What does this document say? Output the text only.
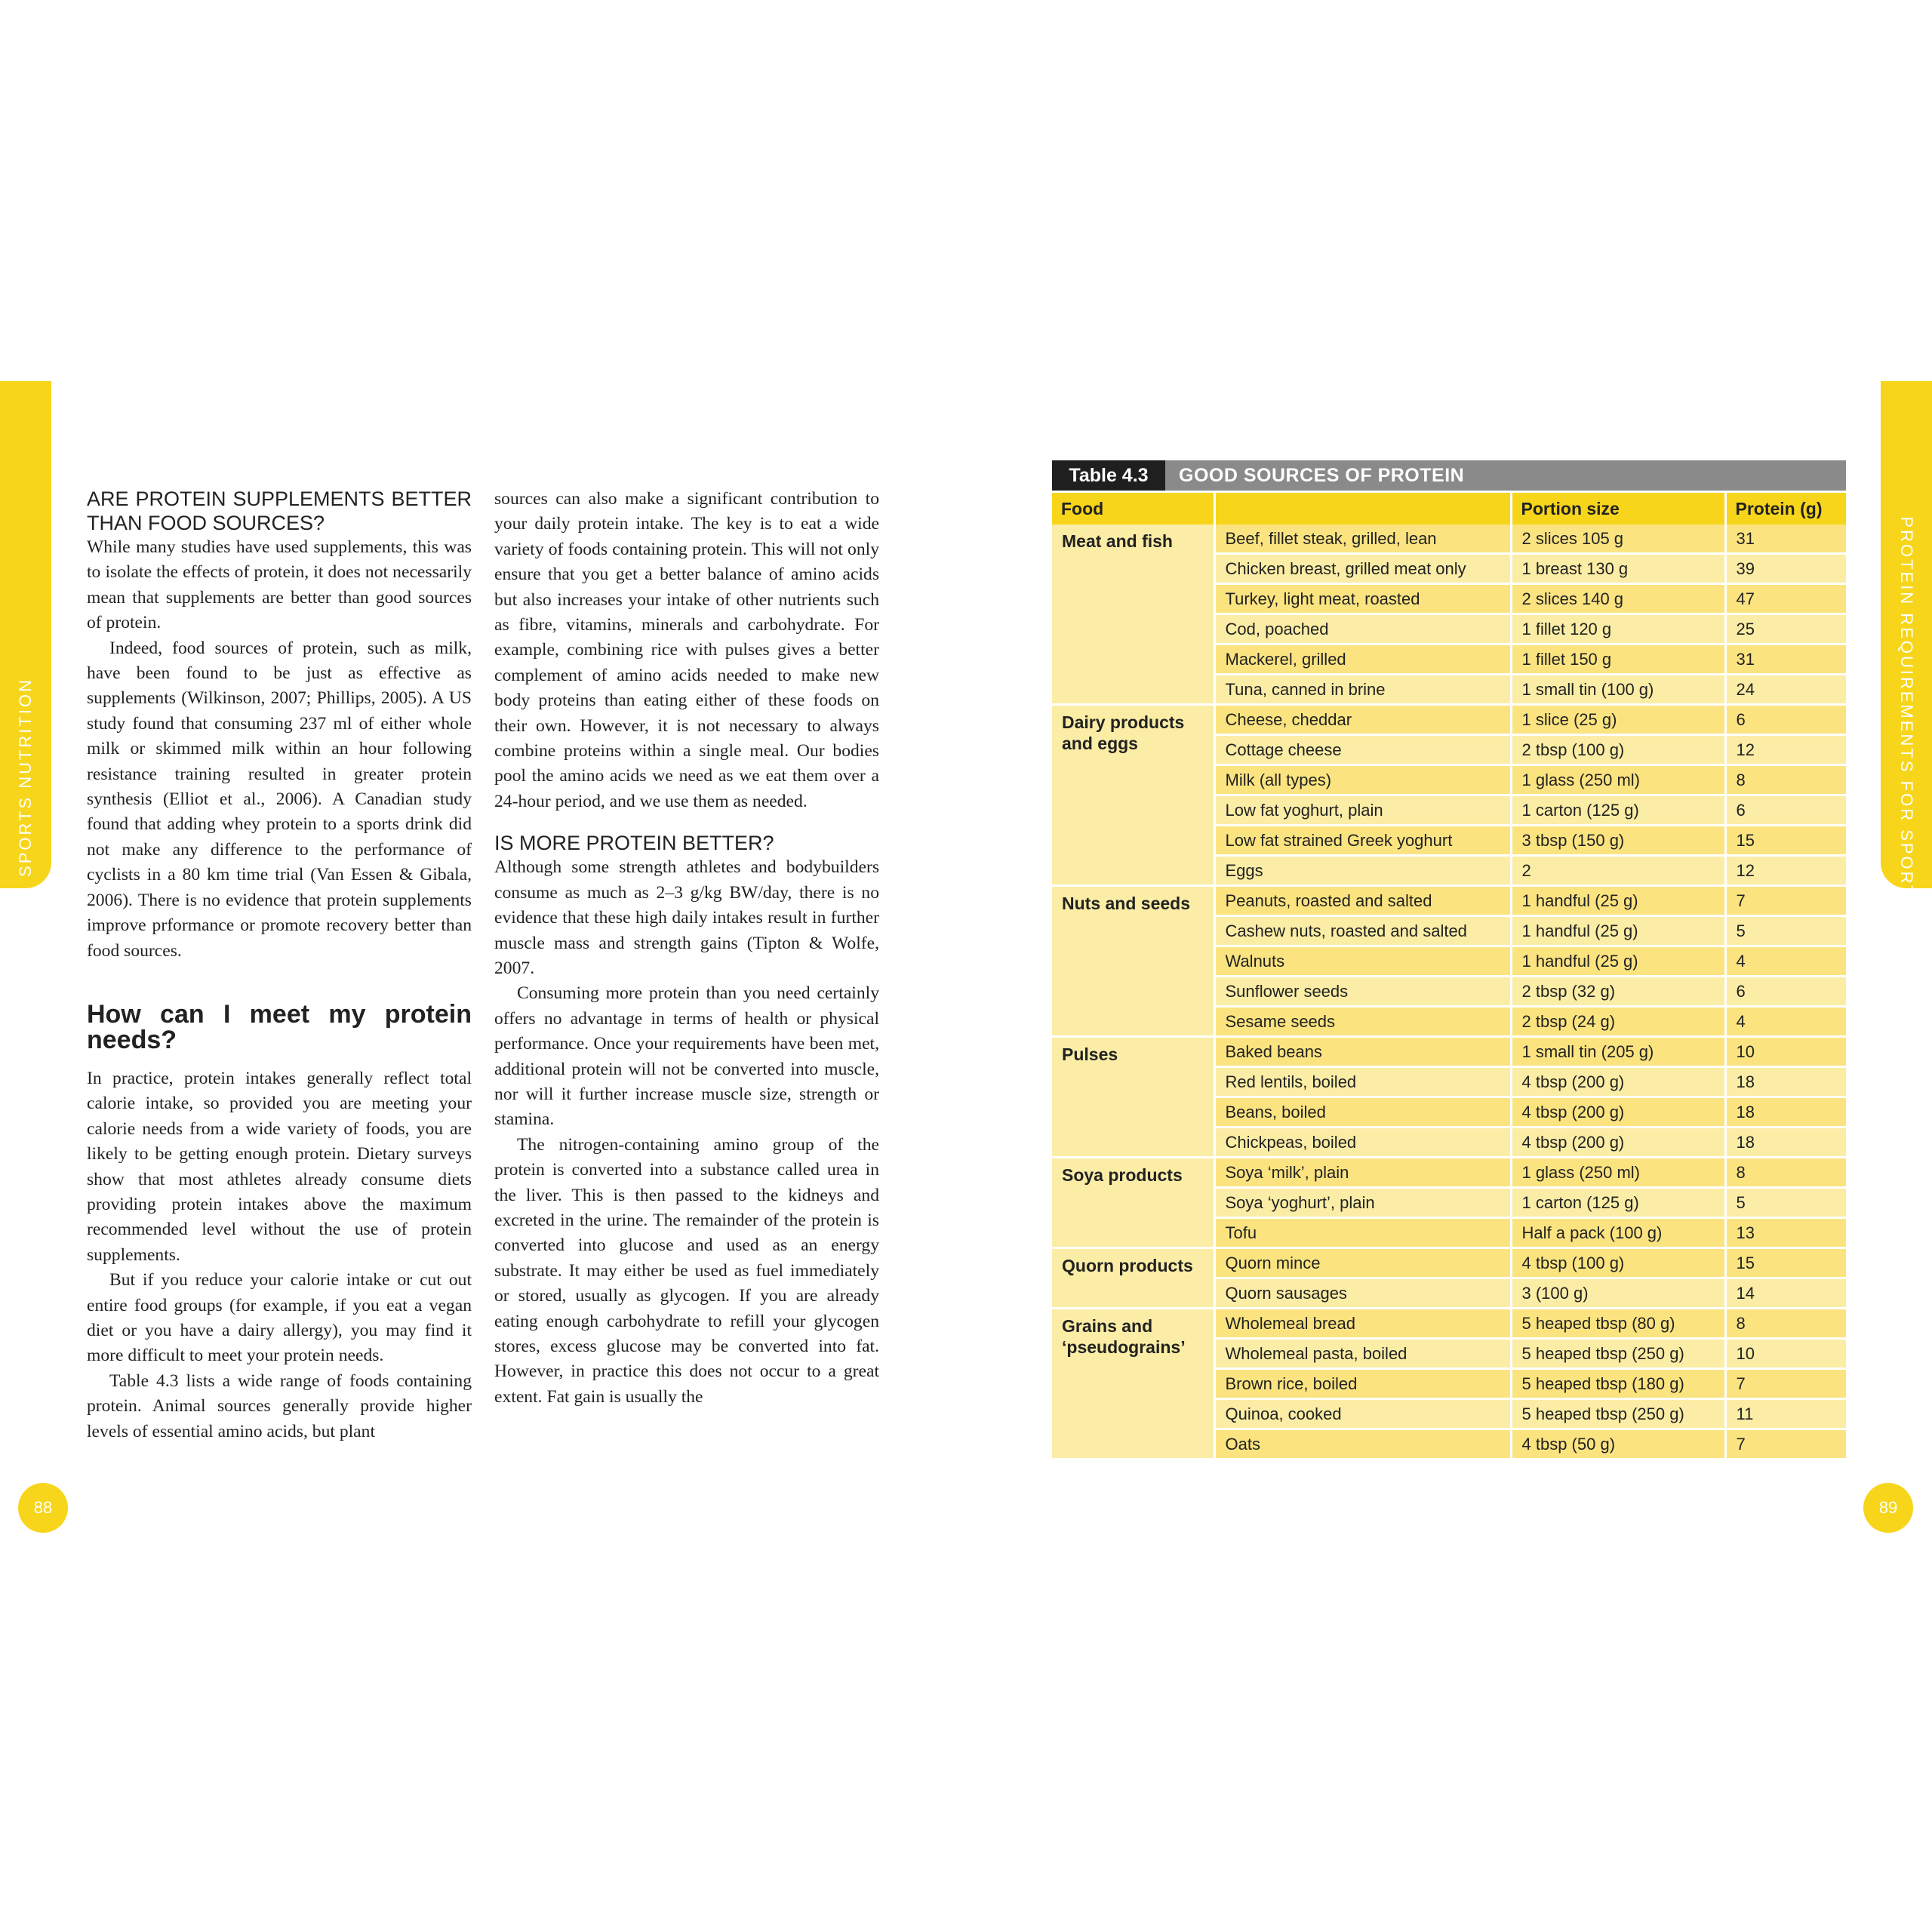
SPORTS NUTRITION	PROTEIN REQUIREMENTS FOR SPORT
88	89
ARE PROTEIN SUPPLEMENTS BETTER THAN FOOD SOURCES?

While many studies have used supplements, this was to isolate the effects of protein, it does not necessarily mean that supplements are better than good sources of protein.

Indeed, food sources of protein, such as milk, have been found to be just as effective as supplements (Wilkinson, 2007; Phillips, 2005). A US study found that consuming 237 ml of either whole milk or skimmed milk within an hour following resistance training resulted in greater protein synthesis (Elliot et al., 2006). A Canadian study found that adding whey protein to a sports drink did not make any difference to the performance of cyclists in a 80 km time trial (Van Essen & Gibala, 2006). There is no evidence that protein supplements improve prformance or promote recovery better than food sources.

How can I meet my protein needs?

In practice, protein intakes generally reflect total calorie intake, so provided you are meeting your calorie needs from a wide variety of foods, you are likely to be getting enough protein. Dietary surveys show that most athletes already consume diets providing protein intakes above the maximum recommended level without the use of protein supplements.

But if you reduce your calorie intake or cut out entire food groups (for example, if you eat a vegan diet or you have a dairy allergy), you may find it more difficult to meet your protein needs.

Table 4.3 lists a wide range of foods containing protein. Animal sources generally provide higher levels of essential amino acids, but plant

sources can also make a significant contribution to your daily protein intake. The key is to eat a wide variety of foods containing protein. This will not only ensure that you get a better balance of amino acids but also increases your intake of other nutrients such as fibre, vitamins, minerals and carbohydrate. For example, combining rice with pulses gives a better complement of amino acids needed to make new body proteins than eating either of these foods on their own. However, it is not necessary to always combine proteins within a single meal. Our bodies pool the amino acids we need as we eat them over a 24-hour period, and we use them as needed.

IS MORE PROTEIN BETTER?

Although some strength athletes and bodybuilders consume as much as 2–3 g/kg BW/day, there is no evidence that these high daily intakes result in further muscle mass and strength gains (Tipton & Wolfe, 2007.

Consuming more protein than you need certainly offers no advantage in terms of health or physical performance. Once your requirements have been met, additional protein will not be converted into muscle, nor will it further increase muscle size, strength or stamina.

The nitrogen-containing amino group of the protein is converted into a substance called urea in the liver. This is then passed to the kidneys and excreted in the urine. The remainder of the protein is converted into glucose and used as an energy substrate. It may either be used as fuel immediately or stored, usually as glycogen. If you are already eating enough carbohydrate to refill your glycogen stores, excess glucose may be converted into fat. However, in practice this does not occur to a great extent. Fat gain is usually the

Table 4.3	GOOD SOURCES OF PROTEIN
Food		Portion size	Protein (g)
Meat and fish	Beef, fillet steak, grilled, lean	2 slices 105 g	31
	Chicken breast, grilled meat only	1 breast 130 g	39
	Turkey, light meat, roasted	2 slices 140 g	47
	Cod, poached	1 fillet 120 g	25
	Mackerel, grilled	1 fillet 150 g	31
	Tuna, canned in brine	1 small tin (100 g)	24
Dairy products and eggs	Cheese, cheddar	1 slice (25 g)	6
	Cottage cheese	2 tbsp (100 g)	12
	Milk (all types)	1 glass (250 ml)	8
	Low fat yoghurt, plain	1 carton (125 g)	6
	Low fat strained Greek yoghurt	3 tbsp (150 g)	15
	Eggs	2	12
Nuts and seeds	Peanuts, roasted and salted	1 handful (25 g)	7
	Cashew nuts, roasted and salted	1 handful (25 g)	5
	Walnuts	1 handful (25 g)	4
	Sunflower seeds	2 tbsp (32 g)	6
	Sesame seeds	2 tbsp (24 g)	4
Pulses	Baked beans	1 small tin (205 g)	10
	Red lentils, boiled	4 tbsp (200 g)	18
	Beans, boiled	4 tbsp (200 g)	18
	Chickpeas, boiled	4 tbsp (200 g)	18
Soya products	Soya ‘milk’, plain	1 glass (250 ml)	8
	Soya ‘yoghurt’, plain	1 carton (125 g)	5
	Tofu	Half a pack (100 g)	13
Quorn products	Quorn mince	4 tbsp (100 g)	15
	Quorn sausages	3 (100 g)	14
Grains and ‘pseudograins’	Wholemeal bread	5 heaped tbsp (80 g)	8
	Wholemeal pasta, boiled	5 heaped tbsp (250 g)	10
	Brown rice, boiled	5 heaped tbsp (180 g)	7
	Quinoa, cooked	5 heaped tbsp (250 g)	11
	Oats	4 tbsp (50 g)	7
